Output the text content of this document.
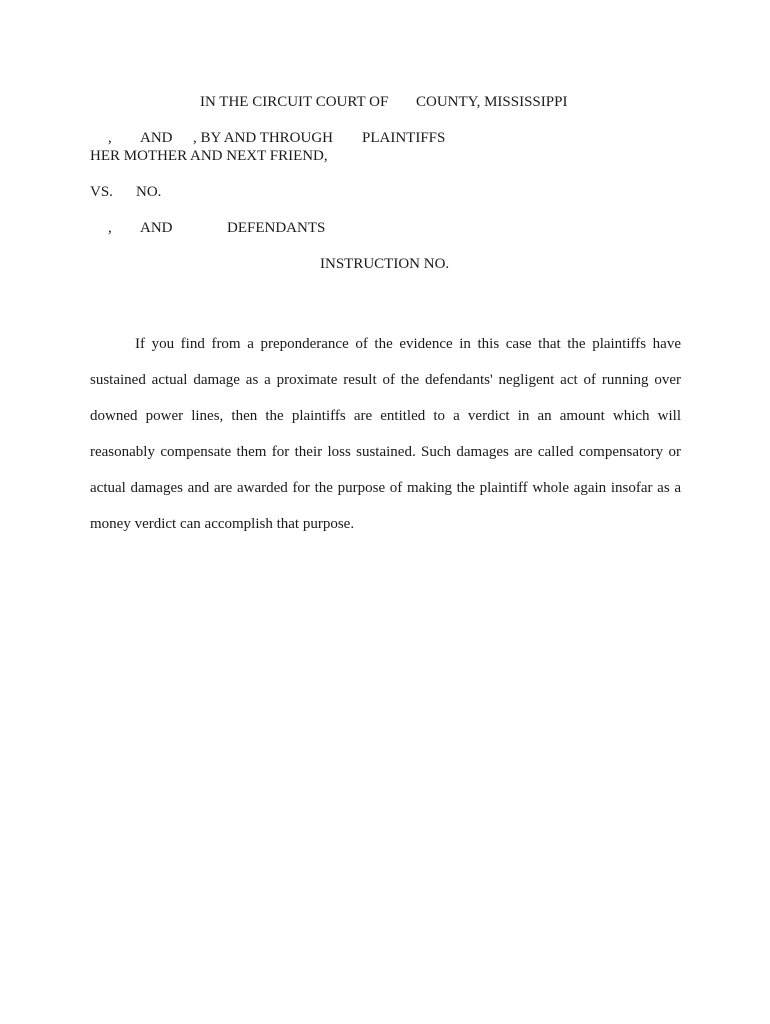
IN THE CIRCUIT COURT OF COUNTY, MISSISSIPPI
, AND , BY AND THROUGH PLAINTIFFS
HER MOTHER AND NEXT FRIEND,
VS. NO.
, AND	DEFENDANTS
INSTRUCTION NO.
If you find from a preponderance of the evidence in this case that the plaintiffs have sustained actual damage as a proximate result of the defendants' negligent act of running over downed power lines, then the plaintiffs are entitled to a verdict in an amount which will reasonably compensate them for their loss sustained. Such damages are called compensatory or actual damages and are awarded for the purpose of making the plaintiff whole again insofar as a money verdict can accomplish that purpose.
